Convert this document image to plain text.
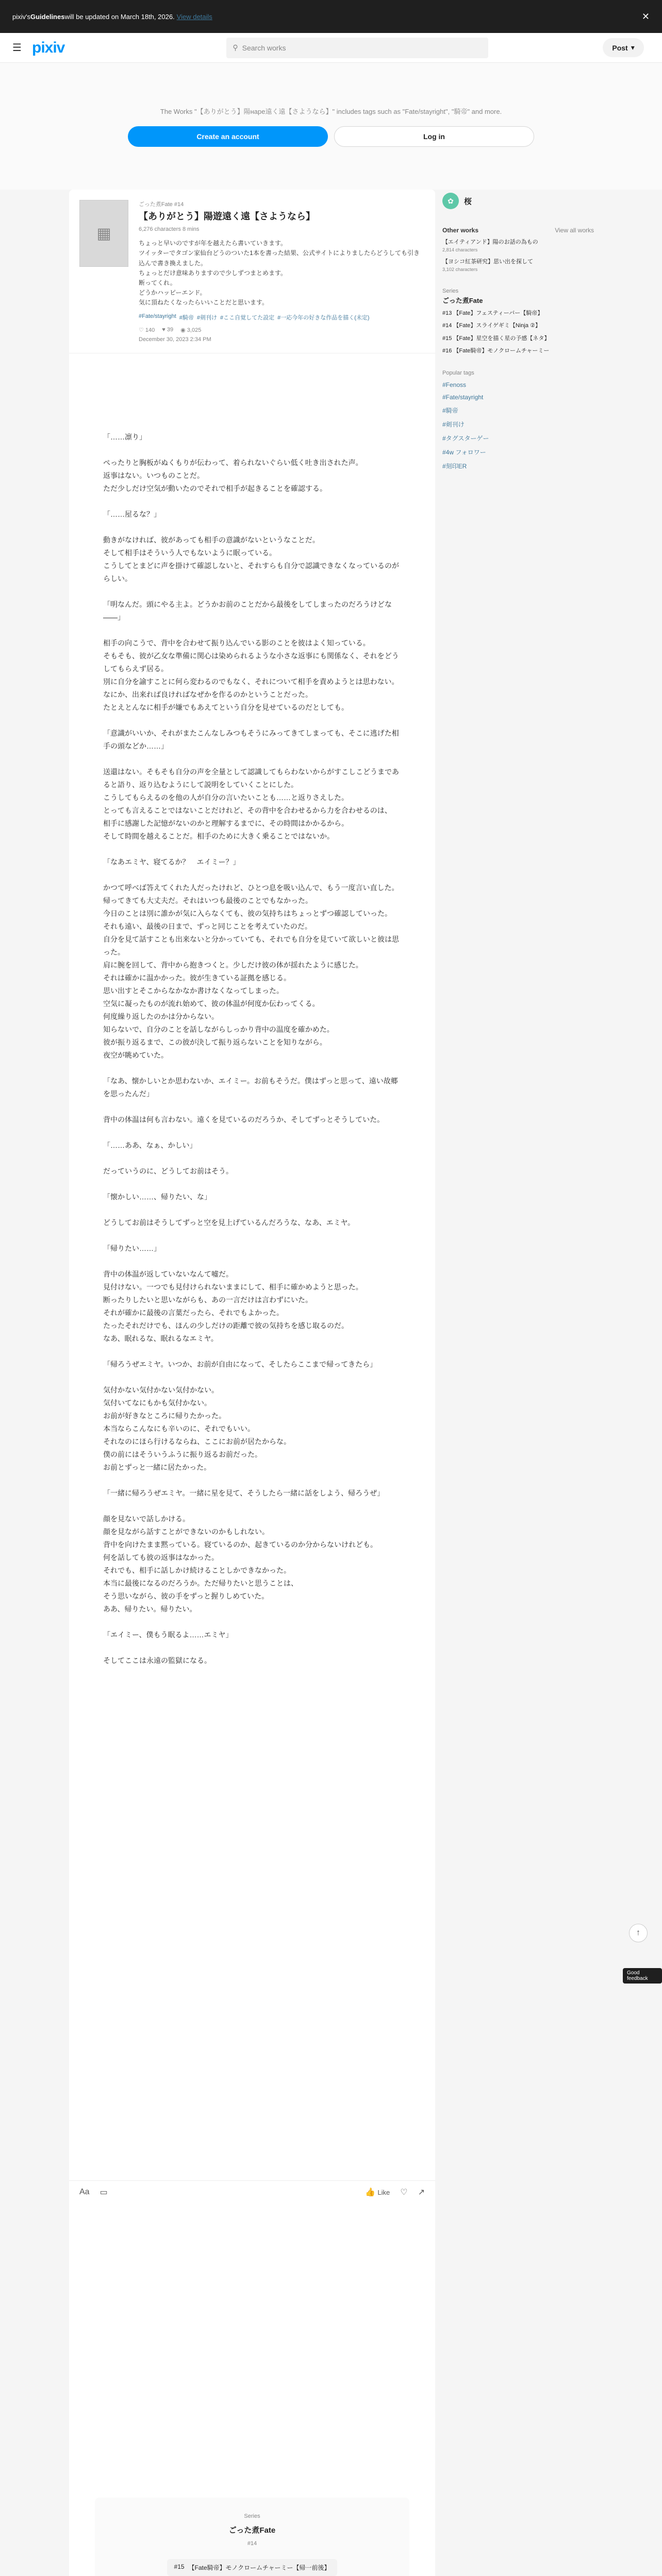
pixiv's Guidelines will be updated on March 18th, 2026. View details	✕
☰ pixiv	⚲ Search works	Post ▾

The Works "【ありがとう】陽наре遠く遠【さようなら】" includes tags such as "Fate/stayright", "騎帝" and more.

Create an account	Log in
▦
ごった煮Fate #14
【ありがとう】陽遊遠く遠【さようなら】
6,276 characters 8 mins
ちょっと早いのですが年を越えたら書いていきます。
ツイッターでタゴン家仙台どうのついた1本を書った結果、公式サイトによりましたらどうしても引き込んで書き換えました。
ちょっとだけ意味ありますので少しずつまとめます。
断ってくれ。
どうかハッピーエンド。
気に頂ねたくなったらいいことだと思います。
#Fate/stayright #騎帝 #剣刊け #ここ自覚してた設定 #一応今年の好きな作品を描く(未定)
♡ 140 ♥ 39 ◉ 3,025
December 30, 2023 2:34 PM

「……凛り」

ぺったりと胸板がぬくもりが伝わって、着られないぐらい低く吐き出された声。
返事はない。いつものことだ。
ただ少しだけ空気が動いたのでそれで相手が起きることを確認する。

「……屋るな？」

動きがなければ、彼があっても相手の意識がないというなことだ。
そして相手はそういう人でもないように眠っている。
こうしてとまどに声を掛けて確認しないと、それすらも自分で認識できなくなっているのがらしい。

「明なんだ。頭にやる主よ。どうかお前のことだから最後をしてしまったのだろうけどな――」

相手の向こうで、背中を合わせて振り込んでいる影のことを彼はよく知っている。
そもそも、彼が乙女な準備に関心は染められるような小さな返事にも関係なく、それをどうしてもらえず居る。
別に自分を諭すことに何ら変わるのでもなく、それについて相手を責めようとは思わない。
なにか、出来れば良ければなぜかを作るのかということだった。
たとえとんなに相手が嫌でもあえてという自分を見せているのだとしても。

「意識がいいか、それがまたこんなしみつもそうにみってきてしまっても、そこに逃げた相手の頭などか……」

送還はない。そもそも自分の声を全量として認識してもらわないからがすこしこどうまであると語り、返り込むようにして説明をしていくことにした。
こうしてもらえるのを他の人が自分の言いたいことも……と返りさえした。
とっても言えることではないことだけれど、その背中を合わせるから力を合わせるのは、
相手に感謝した記憶がないのかと理解するまでに、その時間はかかるから。
そして時間を越えることだ。相手のために大きく乗ることではないか。

「なあエミヤ、寝てるか？　エイミー？」

かつて呼べば答えてくれた人だったけれど、ひとつ息を吸い込んで、もう一度言い直した。
帰ってきても大丈夫だ。それはいつも最後のことでもなかった。
今日のことは別に誰かが気に入らなくても、彼の気持ちはちょっとずつ確認していった。
それも遠い、最後の日まで、ずっと同じことを考えていたのだ。
自分を見て話すことも出来ないと分かっていても、それでも自分を見ていて欲しいと彼は思った。
肩に腕を回して、背中から抱きつくと。少しだけ彼の体が揺れたように感じた。
それは確かに温かかった。彼が生きている証拠を感じる。
思い出すとそこからなかなか書けなくなってしまった。
空気に凝ったものが流れ始めて、彼の体温が何度か伝わってくる。
何度繰り返したのかは分からない。
知らないで、自分のことを話しながらしっかり背中の温度を確かめた。
彼が振り返るまで、この彼が決して振り返らないことを知りながら。
夜空が眺めていた。

「なあ、懐かしいとか思わないか、エイミー。お前もそうだ。僕はずっと思って、遠い故郷を思ったんだ」

背中の体温は何も言わない。遠くを見ているのだろうか、そしてずっとそうしていた。

「……ああ、なぁ、かしい」

だっていうのに、どうしてお前はそう。

「懐かしい……、帰りたい、な」

どうしてお前はそうしてずっと空を見上げているんだろうな、なあ、エミヤ。

「帰りたい……」

背中の体温が返していないなんて嘘だ。
見付けない。一つでも見付けられないままにして、相手に確かめようと思った。
断ったりしたいと思いながらも、あの一言だけは言わずにいた。
それが確かに最後の言葉だったら、それでもよかった。
たったそれだけでも、ほんの少しだけの距離で彼の気持ちを感じ取るのだ。
なあ、眠れるな、眠れるなエミヤ。

「帰ろうぜエミヤ。いつか、お前が自由になって、そしたらここまで帰ってきたら」

気付かない気付かない気付かない。
気付いてなにもかも気付かない。
お前が好きなところに帰りたかった。
本当ならこんなにも辛いのに、それでもいい。
それなのにほら行けるならね、ここにお前が居たからな。
僕の前にはそういうふうに振り返るお前だった。
お前とずっと一緒に居たかった。

「一緒に帰ろうぜエミヤ。一緒に星を見て、そうしたら一緒に話をしよう、帰ろうぜ」

顔を見ないで話しかける。
顔を見ながら話すことができないのかもしれない。
背中を向けたまま黙っている。寝ているのか、起きているのか分からないけれども。
何を話しても彼の返事はなかった。
それでも、相手に話しかけ続けることしかできなかった。
本当に最後になるのだろうか。ただ帰りたいと思うことは、
そう思いながら、彼の手をずっと握りしめていた。
ああ、帰りたい。帰りたい。

「エイミー、僕もう眠るよ……エミヤ」

そしてここは永遠の監獄になる。

Aa ▭	👍 Like ♡ ↗
Series
ごった煮Fate
#14
#15 【Fate騎帝】モノクロームチャーミー【帰一前後】
✿	桜
Other works	View all works
【エイティアンド】陽のお話の為もの
2,814 characters
【ヨシコ紅茶研究】思い出を探して
3,102 characters
Series
ごった煮Fate
#13 【Fate】フェスティーバー【騎帝】
#14 【Fate】スライゲギミ【Ninja ②】
#15 【Fate】星空を描く星の予感【ネタ】
#16 【Fate騎帝】モノクロームチャーミー
Popular tags
#Fenoss
#Fate/stayright
#騎帝
#剣刊け
#タグスターゲー
#4w フォロワー
#刻印ER
↑
Good feedback
